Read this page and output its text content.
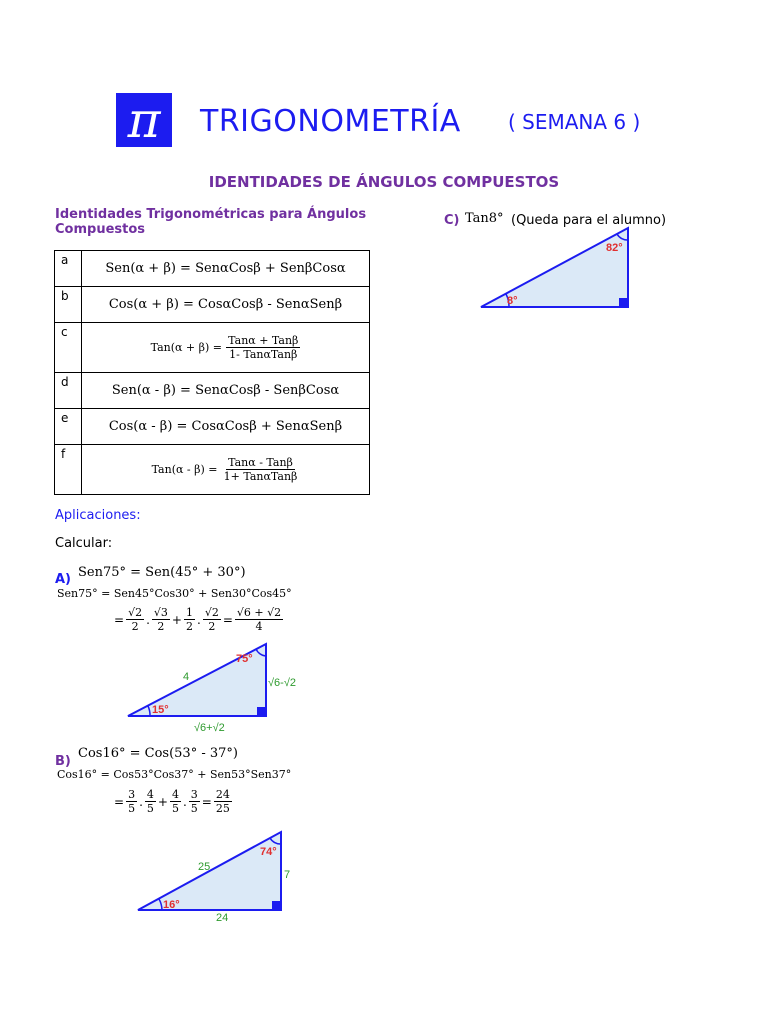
π TRIGONOMETRÍA ( SEMANA 6 )
IDENTIDADES DE ÁNGULOS COMPUESTOS
Identidades Trigonométricas para Ángulos Compuestos
a	Sen(α + β) = SenαCosβ + SenβCosα
b	Cos(α + β) = CosαCosβ - SenαSenβ
c	$Tan(\alpha + \beta) = \frac{\text{Tanα + Tanβ}}{\text{1- TanαTanβ}}$

d	Sen(α - β) = SenαCosβ - SenβCosα
e	Cos(α - β) = CosαCosβ + SenαSenβ
f	$Tan(\alpha - \beta) = \frac{\text{Tanα - Tanβ}}{\text{1+ TanαTanβ}}$
Aplicaciones:
Calcular:
A) Sen75° = Sen(45° + 30°)
Sen75° = Sen45°Cos30° + Sen30°Cos45°
= $\frac{√2}{2}$ . $\frac{√3}{2} + \frac{1}{2}$ . $\frac{√2}{2} = \frac{√6 + √2}{4}$
75°
15°
4	√6-√2
√6+√2
B)
Cos16° = Cos(53° - 37°)
Cos16° = Cos53°Cos37° + Sen53°Sen37°
= $\frac{3}{5}$ . $\frac{4}{5} + \frac{4}{5}$ . $\frac{3}{5} = \frac{24}{25}$
74°
16°
25
7
24
C) Tan8° (Queda para el alumno)
82°
8°
